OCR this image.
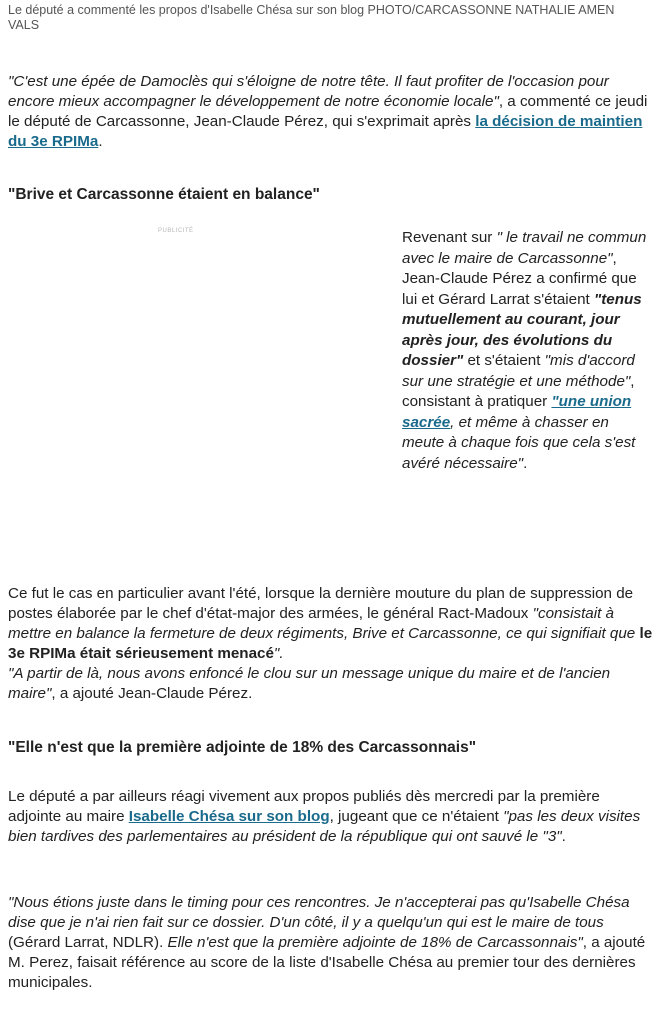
Le député a commenté les propos d'Isabelle Chésa sur son blog PHOTO/CARCASSONNE NATHALIE AMEN VALS

"C'est une épée de Damoclès qui s'éloigne de notre tête. Il faut profiter de l'occasion pour encore mieux accompagner le développement de notre économie locale", a commenté ce jeudi le député de Carcassonne, Jean-Claude Pérez, qui s'exprimait après la décision de maintien du 3e RPIMa.

"Brive et Carcassonne étaient en balance"
PUBLICITÉ	Revenant sur " le travail ne commun avec le maire de Carcassonne", Jean-Claude Pérez a confirmé que lui et Gérard Larrat s'étaient "tenus mutuellement au courant, jour après jour, des évolutions du dossier" et s'étaient "mis d'accord sur une stratégie et une méthode", consistant à pratiquer "une union sacrée, et même à chasser en meute à chaque fois que cela s'est avéré nécessaire".

Ce fut le cas en particulier avant l'été, lorsque la dernière mouture du plan de suppression de postes élaborée par le chef d'état-major des armées, le général Ract-Madoux "consistait à mettre en balance la fermeture de deux régiments, Brive et Carcassonne, ce qui signifiait que le 3e RPIMa était sérieusement menacé".
"A partir de là, nous avons enfoncé le clou sur un message unique du maire et de l'ancien maire", a ajouté Jean-Claude Pérez.

"Elle n'est que la première adjointe de 18% des Carcassonnais"

Le député a par ailleurs réagi vivement aux propos publiés dès mercredi par la première adjointe au maire Isabelle Chésa sur son blog, jugeant que ce n'étaient "pas les deux visites bien tardives des parlementaires au président de la république qui ont sauvé le "3".

"Nous étions juste dans le timing pour ces rencontres. Je n'accepterai pas qu'Isabelle Chésa dise que je n'ai rien fait sur ce dossier. D'un côté, il y a quelqu'un qui est le maire de tous (Gérard Larrat, NDLR). Elle n'est que la première adjointe de 18% de Carcassonnais", a ajouté M. Perez, faisait référence au score de la liste d'Isabelle Chésa au premier tour des dernières municipales.
